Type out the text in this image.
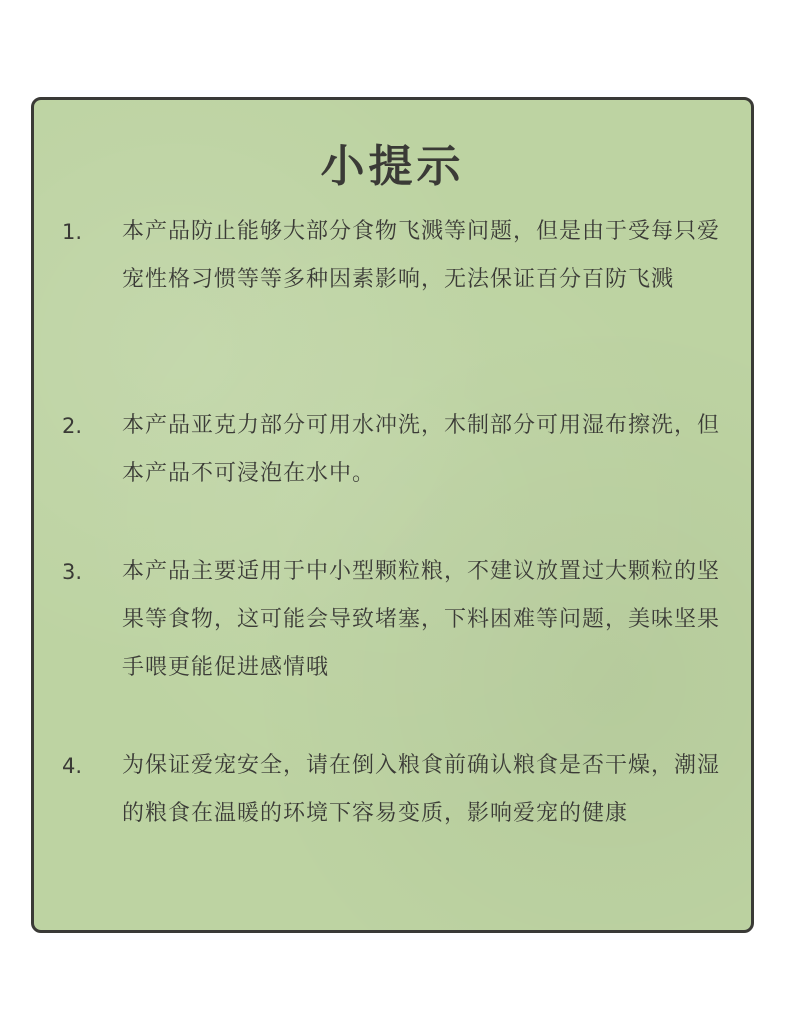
小提示
1. 本产品防止能够大部分食物飞溅等问题，但是由于受每只爱宠性格习惯等等多种因素影响，无法保证百分百防飞溅
2. 本产品亚克力部分可用水冲洗，木制部分可用湿布擦洗，但本产品不可浸泡在水中。
3. 本产品主要适用于中小型颗粒粮，不建议放置过大颗粒的坚果等食物，这可能会导致堵塞，下料困难等问题，美味坚果手喂更能促进感情哦
4. 为保证爱宠安全，请在倒入粮食前确认粮食是否干燥，潮湿的粮食在温暖的环境下容易变质，影响爱宠的健康
